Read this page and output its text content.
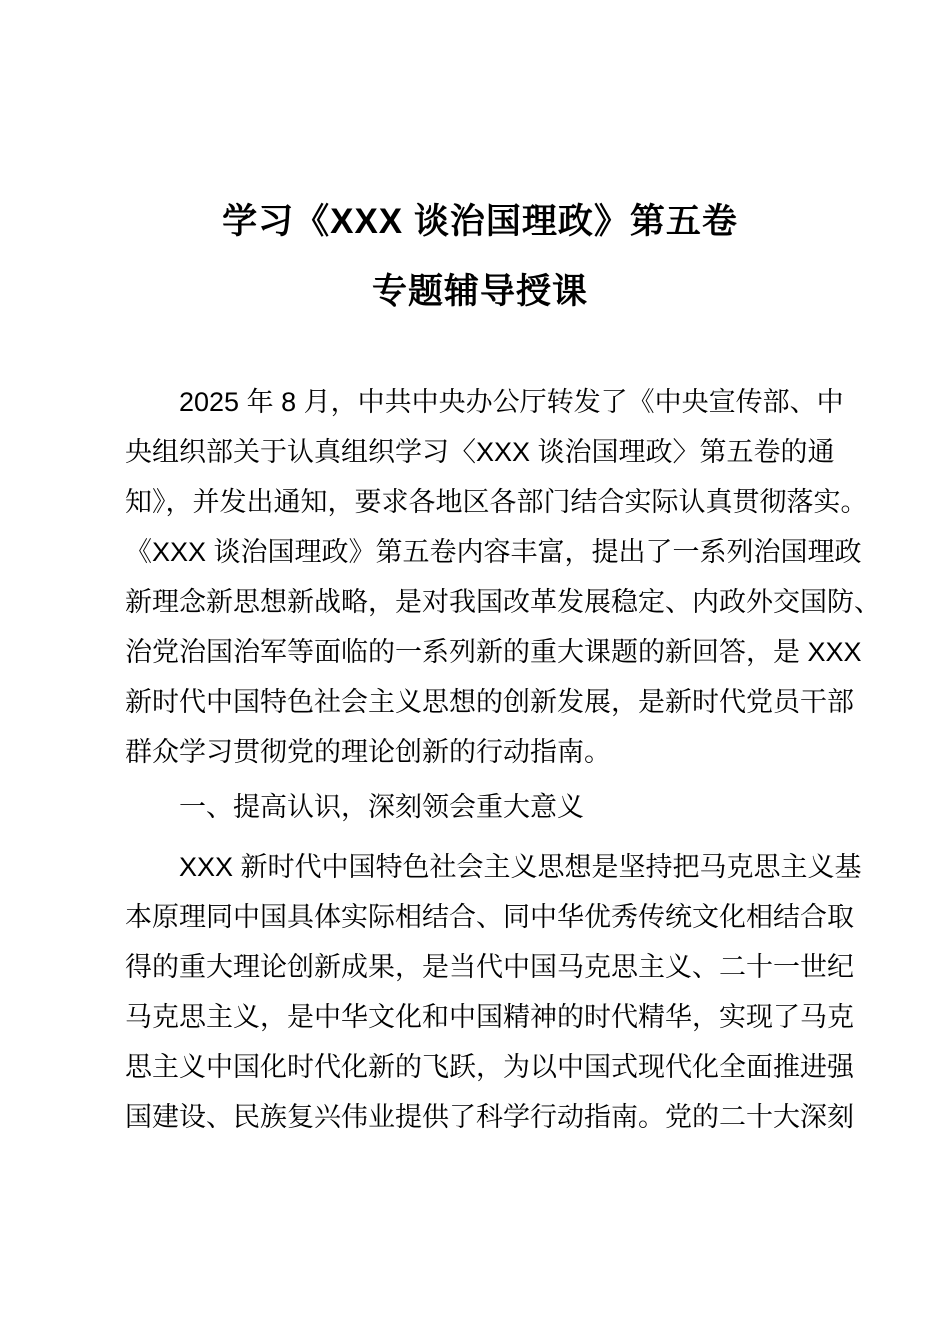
学习《XXX 谈治国理政》第五卷
专题辅导授课
2025 年 8 月，中共中央办公厅转发了《中央宣传部、中
央组织部关于认真组织学习〈XXX 谈治国理政〉第五卷的通
知》，并发出通知，要求各地区各部门结合实际认真贯彻落实。
《XXX 谈治国理政》第五卷内容丰富，提出了一系列治国理政
新理念新思想新战略，是对我国改革发展稳定、内政外交国防、
治党治国治军等面临的一系列新的重大课题的新回答，是 XXX
新时代中国特色社会主义思想的创新发展，是新时代党员干部
群众学习贯彻党的理论创新的行动指南。
一、提高认识，深刻领会重大意义
XXX 新时代中国特色社会主义思想是坚持把马克思主义基
本原理同中国具体实际相结合、同中华优秀传统文化相结合取
得的重大理论创新成果，是当代中国马克思主义、二十一世纪
马克思主义，是中华文化和中国精神的时代精华，实现了马克
思主义中国化时代化新的飞跃，为以中国式现代化全面推进强
国建设、民族复兴伟业提供了科学行动指南。党的二十大深刻
